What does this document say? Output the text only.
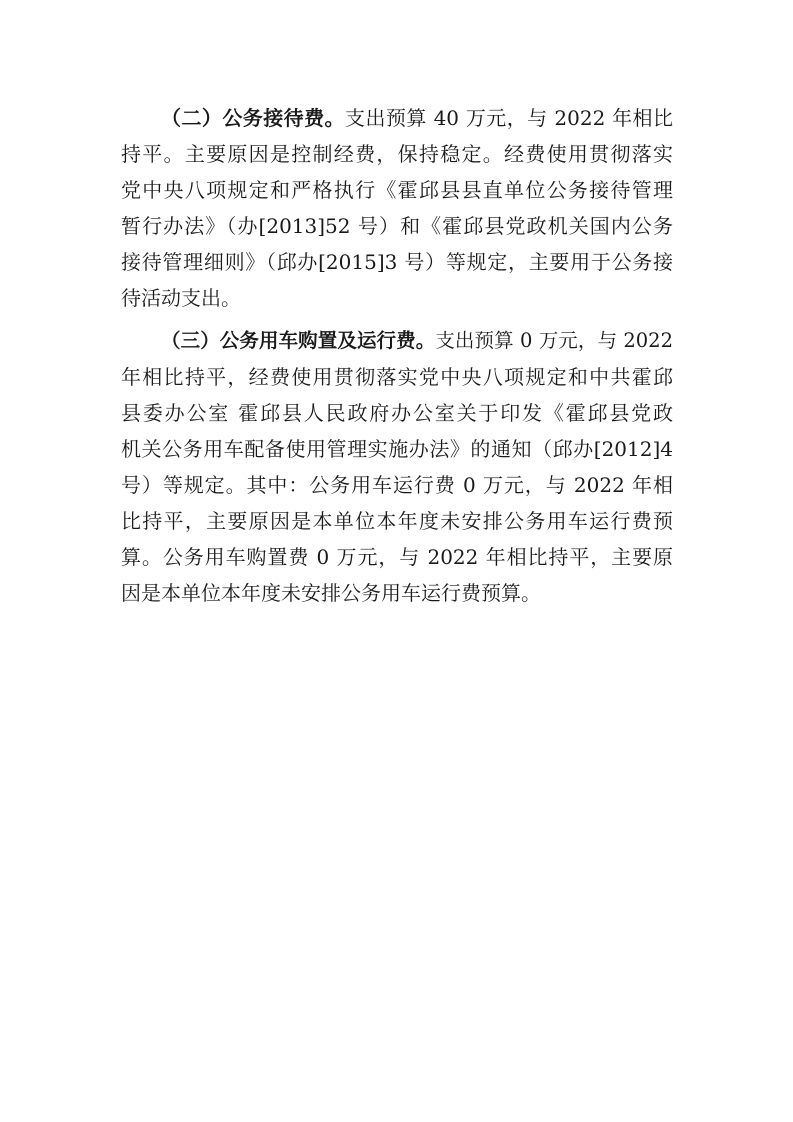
（二）公务接待费。支出预算 40 万元，与 2022 年相比
持平。主要原因是控制经费，保持稳定。经费使用贯彻落实
党中央八项规定和严格执行《霍邱县县直单位公务接待管理
暂行办法》（办[2013]52 号）和《霍邱县党政机关国内公务
接待管理细则》（邱办[2015]3 号）等规定，主要用于公务接
待活动支出。
（三）公务用车购置及运行费。支出预算 0 万元，与 2022
年相比持平，经费使用贯彻落实党中央八项规定和中共霍邱
县委办公室 霍邱县人民政府办公室关于印发《霍邱县党政
机关公务用车配备使用管理实施办法》的通知（邱办[2012]4
号）等规定。其中：公务用车运行费 0 万元，与 2022 年相
比持平，主要原因是本单位本年度未安排公务用车运行费预
算。公务用车购置费 0 万元，与 2022 年相比持平，主要原
因是本单位本年度未安排公务用车运行费预算。
